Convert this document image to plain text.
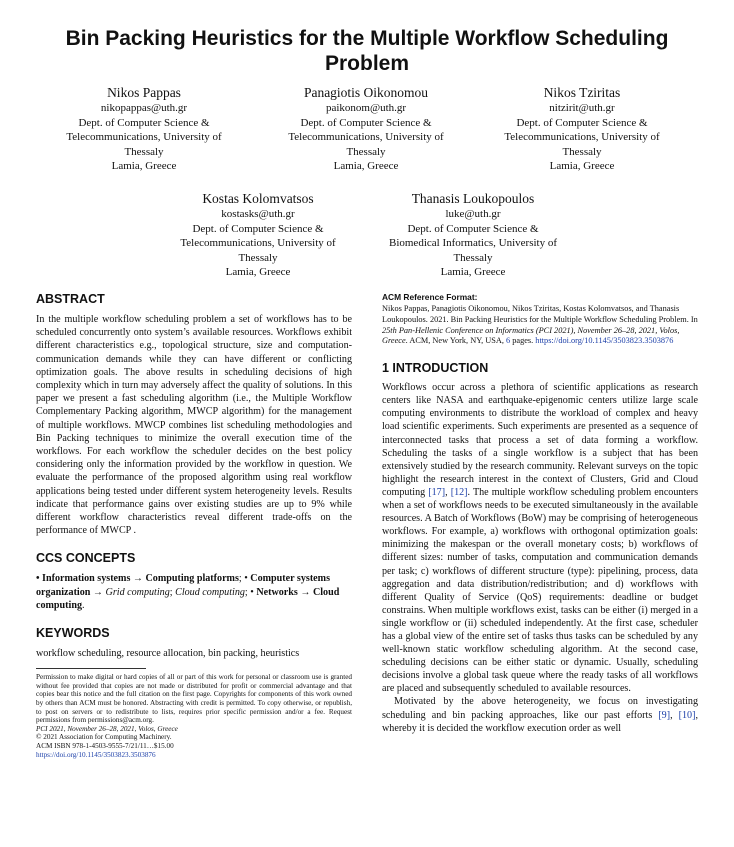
Bin Packing Heuristics for the Multiple Workflow Scheduling Problem
Nikos Pappas
nikopappas@uth.gr
Dept. of Computer Science &
Telecommunications, University of
Thessaly
Lamia, Greece
Panagiotis Oikonomou
paikonom@uth.gr
Dept. of Computer Science &
Telecommunications, University of
Thessaly
Lamia, Greece
Nikos Tziritas
nitzirit@uth.gr
Dept. of Computer Science &
Telecommunications, University of
Thessaly
Lamia, Greece
Kostas Kolomvatsos
kostasks@uth.gr
Dept. of Computer Science &
Telecommunications, University of
Thessaly
Lamia, Greece
Thanasis Loukopoulos
luke@uth.gr
Dept. of Computer Science &
Biomedical Informatics, University of
Thessaly
Lamia, Greece
ABSTRACT

In the multiple workflow scheduling problem a set of workflows has to be scheduled concurrently onto system’s available resources. Workflows exhibit different characteristics e.g., topological structure, size and computation-communication demands while they can have different or conflicting optimization goals. The above results in scheduling decisions of high complexity which in turn may adversely affect the quality of solutions. In this paper we present a fast scheduling algorithm (i.e., the Multiple Workflow Complementary Packing algorithm, MWCP algorithm) for the management of multiple workflows. MWCP combines list scheduling methodologies and Bin Packing techniques to minimize the overall execution time of the workflows. For each workflow the scheduler decides on the best policy considering only the information provided by the workflow in question. We evaluate the performance of the proposed algorithm using real workflow applications being tested under different system heterogeneity levels. Results indicate that performance gains over existing studies are up to 9% while different workflow characteristics reveal different trade-offs on the performance of MWCP .

CCS CONCEPTS

• Information systems → Computing platforms; • Computer systems organization → Grid computing; Cloud computing; • Networks → Cloud computing.

KEYWORDS

workflow scheduling, resource allocation, bin packing, heuristics

Permission to make digital or hard copies of all or part of this work for personal or classroom use is granted without fee provided that copies are not made or distributed for profit or commercial advantage and that copies bear this notice and the full citation on the first page. Copyrights for components of this work owned by others than ACM must be honored. Abstracting with credit is permitted. To copy otherwise, or republish, to post on servers or to redistribute to lists, requires prior specific permission and/or a fee. Request permissions from permissions@acm.org.

PCI 2021, November 26–28, 2021, Volos, Greece

© 2021 Association for Computing Machinery.

ACM ISBN 978-1-4503-9555-7/21/11…$15.00

https://doi.org/10.1145/3503823.3503876

ACM Reference Format:

Nikos Pappas, Panagiotis Oikonomou, Nikos Tziritas, Kostas Kolomvatsos, and Thanasis Loukopoulos. 2021. Bin Packing Heuristics for the Multiple Workflow Scheduling Problem. In 25th Pan-Hellenic Conference on Informatics (PCI 2021), November 26–28, 2021, Volos, Greece. ACM, New York, NY, USA, 6 pages. https://doi.org/10.1145/3503823.3503876

1 INTRODUCTION

Workflows occur across a plethora of scientific applications as research centers like NASA and earthquake-epigenomic centers utilize large scale computing environments to distribute the workload of complex and heavy load scientific experiments. Such experiments are presented as a sequence of interconnected tasks that process a set of data forming a workflow. Scheduling the tasks of a single workflow is a subject that has been extensively studied by the research community. Relevant surveys on the topic highlight the research interest in the context of Clusters, Grid and Cloud computing [17], [12]. The multiple workflow scheduling problem encounters when a set of workflows needs to be executed simultaneously in the available resources. A Batch of Workflows (BoW) may be comprising of heterogeneous workflows. For example, a) workflows with orthogonal optimization goals: minimizing the makespan or the overall monetary costs; b) workflows of different sizes: number of tasks, computation and communication demands per task; c) workflows of different structure (type): pipelining, process, data aggregation and data distribution/redistribution; and d) workflows with different Quality of Service (QoS) requirements: deadline or budget constrains. When multiple workflows exist, tasks can be either (i) merged in a single workflow or (ii) scheduled independently. At the first case, scheduler has a global view of the entire set of tasks thus tasks can be scheduled by any well-known static workflow scheduling algorithm. At the second case, scheduling decisions can be either static or dynamic. Usually, scheduling decisions involve a global task queue where the ready tasks of all workflows are placed and subsequently scheduled to available resources.

Motivated by the above heterogeneity, we focus on investigating scheduling and bin packing approaches, like our past efforts [9], [10], whereby it is decided the workflow execution order as well
